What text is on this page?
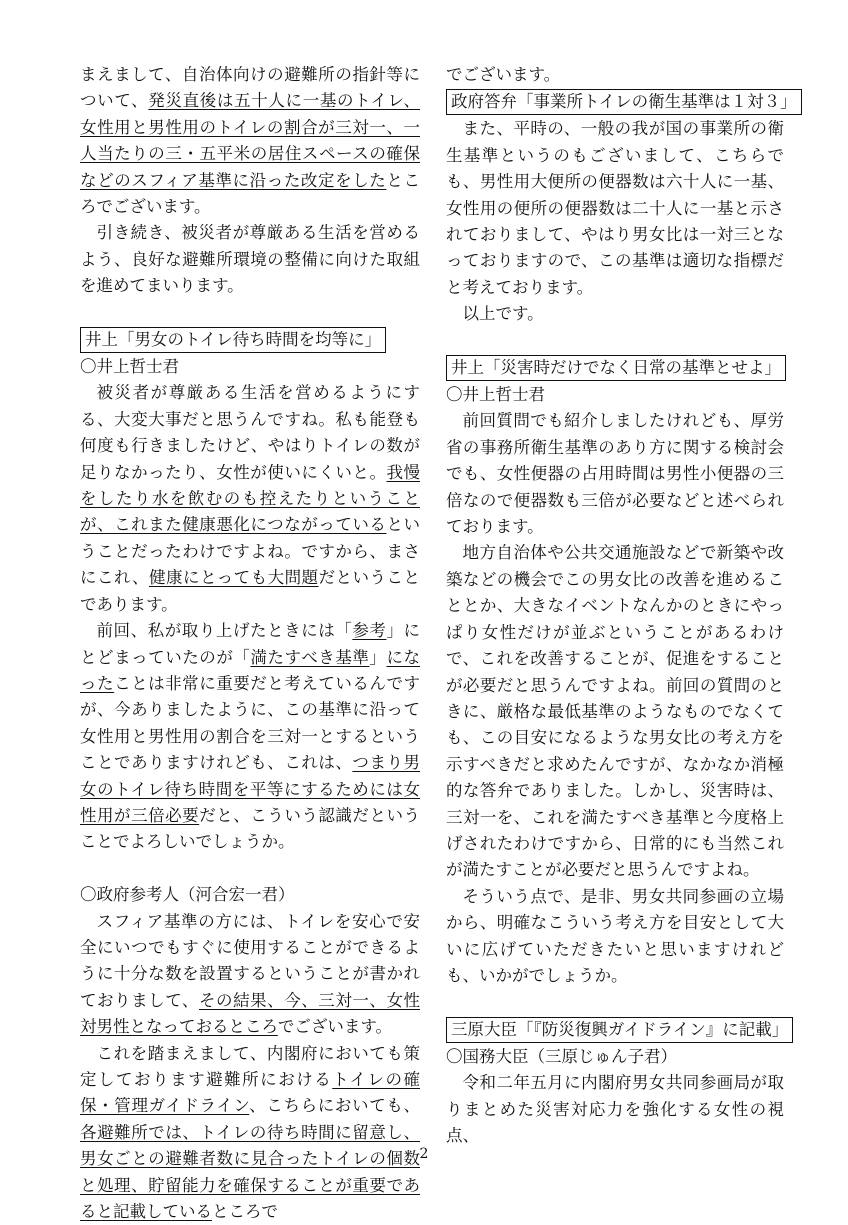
まえまして、自治体向けの避難所の指針等について、発災直後は五十人に一基のトイレ、女性用と男性用のトイレの割合が三対一、一人当たりの三・五平米の居住スペースの確保などのスフィア基準に沿った改定をしたところでございます。

引き続き、被災者が尊厳ある生活を営めるよう、良好な避難所環境の整備に向けた取組を進めてまいります。

井上「男女のトイレ待ち時間を均等に」

〇井上哲士君

被災者が尊厳ある生活を営めるようにする、大変大事だと思うんですね。私も能登も何度も行きましたけど、やはりトイレの数が足りなかったり、女性が使いにくいと。我慢をしたり水を飲むのも控えたりということが、これまた健康悪化につながっているということだったわけですよね。ですから、まさにこれ、健康にとっても大問題だということであります。

前回、私が取り上げたときには「参考」にとどまっていたのが「満たすべき基準」になったことは非常に重要だと考えているんですが、今ありましたように、この基準に沿って女性用と男性用の割合を三対一とするということでありますけれども、これは、つまり男女のトイレ待ち時間を平等にするためには女性用が三倍必要だと、こういう認識だということでよろしいでしょうか。

〇政府参考人（河合宏一君）

スフィア基準の方には、トイレを安心で安全にいつでもすぐに使用することができるように十分な数を設置するということが書かれておりまして、その結果、今、三対一、女性対男性となっておるところでございます。

これを踏まえまして、内閣府においても策定しております避難所におけるトイレの確保・管理ガイドライン、こちらにおいても、各避難所では、トイレの待ち時間に留意し、男女ごとの避難者数に見合ったトイレの個数と処理、貯留能力を確保することが重要であると記載しているところで

でございます。

政府答弁「事業所トイレの衛生基準は１対３」

また、平時の、一般の我が国の事業所の衛生基準というのもございまして、こちらでも、男性用大便所の便器数は六十人に一基、女性用の便所の便器数は二十人に一基と示されておりまして、やはり男女比は一対三となっておりますので、この基準は適切な指標だと考えております。

以上です。

井上「災害時だけでなく日常の基準とせよ」

〇井上哲士君

前回質問でも紹介しましたけれども、厚労省の事務所衛生基準のあり方に関する検討会でも、女性便器の占用時間は男性小便器の三倍なので便器数も三倍が必要などと述べられております。

地方自治体や公共交通施設などで新築や改築などの機会でこの男女比の改善を進めることとか、大きなイベントなんかのときにやっぱり女性だけが並ぶということがあるわけで、これを改善することが、促進をすることが必要だと思うんですよね。前回の質問のときに、厳格な最低基準のようなものでなくても、この目安になるような男女比の考え方を示すべきだと求めたんですが、なかなか消極的な答弁でありました。しかし、災害時は、三対一を、これを満たすべき基準と今度格上げされたわけですから、日常的にも当然これが満たすことが必要だと思うんですよね。

そういう点で、是非、男女共同参画の立場から、明確なこういう考え方を目安として大いに広げていただきたいと思いますけれども、いかがでしょうか。

三原大臣「『防災復興ガイドライン』に記載」

〇国務大臣（三原じゅん子君）

令和二年五月に内閣府男女共同参画局が取りまとめた災害対応力を強化する女性の視点、

2
